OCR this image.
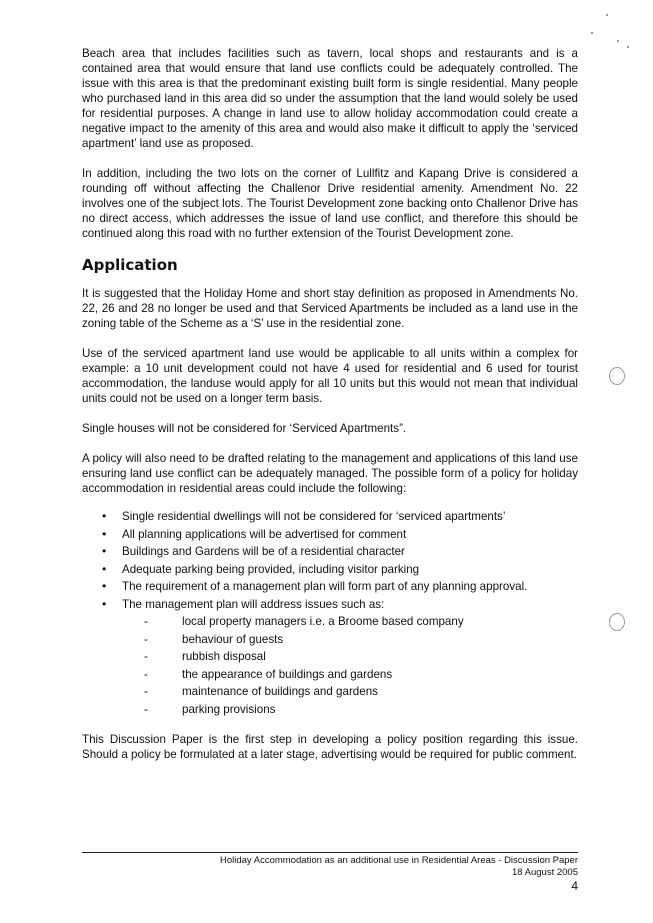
Beach area that includes facilities such as tavern, local shops and restaurants and is a contained area that would ensure that land use conflicts could be adequately controlled. The issue with this area is that the predominant existing built form is single residential. Many people who purchased land in this area did so under the assumption that the land would solely be used for residential purposes. A change in land use to allow holiday accommodation could create a negative impact to the amenity of this area and would also make it difficult to apply the ‘serviced apartment’ land use as proposed.

In addition, including the two lots on the corner of Lullfitz and Kapang Drive is considered a rounding off without affecting the Challenor Drive residential amenity. Amendment No. 22 involves one of the subject lots. The Tourist Development zone backing onto Challenor Drive has no direct access, which addresses the issue of land use conflict, and therefore this should be continued along this road with no further extension of the Tourist Development zone.

Application

It is suggested that the Holiday Home and short stay definition as proposed in Amendments No. 22, 26 and 28 no longer be used and that Serviced Apartments be included as a land use in the zoning table of the Scheme as a ‘S’ use in the residential zone.

Use of the serviced apartment land use would be applicable to all units within a complex for example: a 10 unit development could not have 4 used for residential and 6 used for tourist accommodation, the landuse would apply for all 10 units but this would not mean that individual units could not be used on a longer term basis.

Single houses will not be considered for ‘Serviced Apartments”.

A policy will also need to be drafted relating to the management and applications of this land use ensuring land use conflict can be adequately managed. The possible form of a policy for holiday accommodation in residential areas could include the following:

• Single residential dwellings will not be considered for ‘serviced apartments’
• All planning applications will be advertised for comment
• Buildings and Gardens will be of a residential character
• Adequate parking being provided, including visitor parking
• The requirement of a management plan will form part of any planning approval.
• The management plan will address issues such as:
-	local property managers i.e. a Broome based company
-	behaviour of guests
-	rubbish disposal
-	the appearance of buildings and gardens
-	maintenance of buildings and gardens
-	parking provisions

This Discussion Paper is the first step in developing a policy position regarding this issue. Should a policy be formulated at a later stage, advertising would be required for public comment.

Holiday Accommodation as an additional use in Residential Areas - Discussion Paper
18 August 2005
4
